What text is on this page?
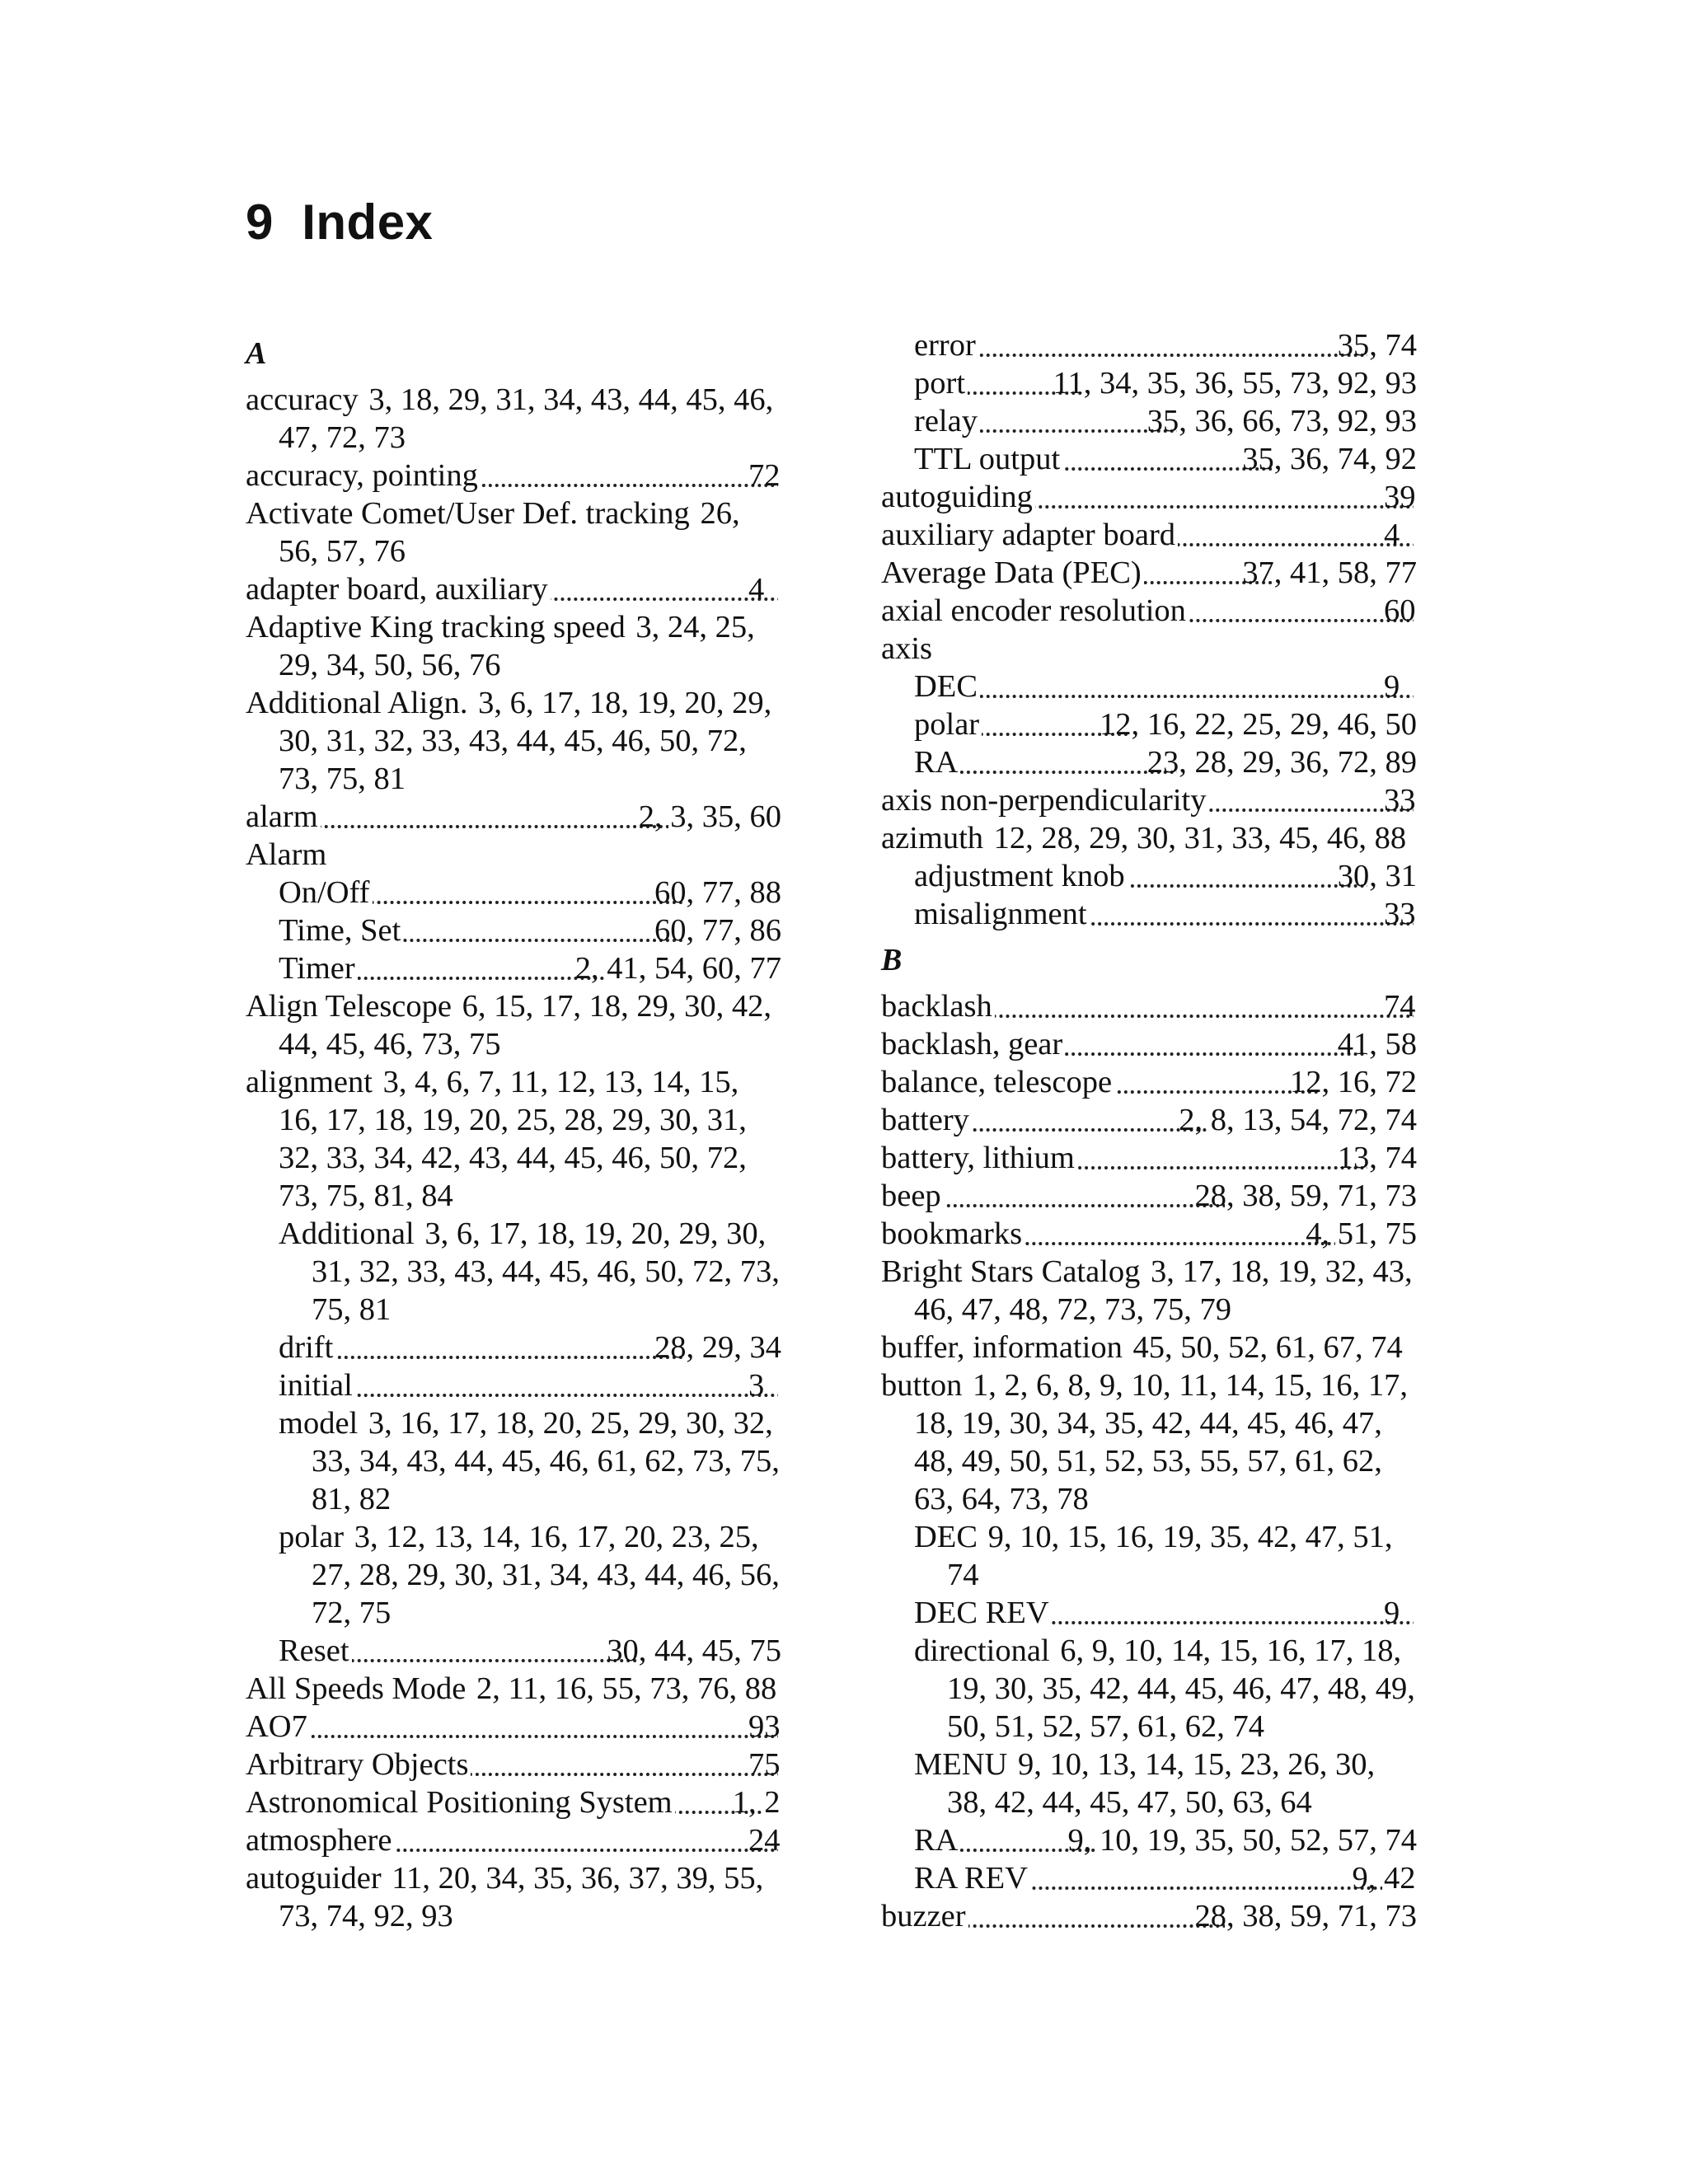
9 Index
A
accuracy 3, 18, 29, 31, 34, 43, 44, 45, 46, 47, 72, 73
72
accuracy, pointing
Activate Comet/User Def. tracking 26, 56, 57, 76
4
adapter board, auxiliary
Adaptive King tracking speed 3, 24, 25, 29, 34, 50, 56, 76
Additional Align. 3, 6, 17, 18, 19, 20, 29, 30, 31, 32, 33, 43, 44, 45, 46, 50, 72, 73, 75, 81
2, 3, 35, 60
alarm
Alarm
60, 77, 88
On/Off
60, 77, 86
Time, Set
2, 41, 54, 60, 77
Timer
Align Telescope 6, 15, 17, 18, 29, 30, 42, 44, 45, 46, 73, 75
alignment 3, 4, 6, 7, 11, 12, 13, 14, 15, 16, 17, 18, 19, 20, 25, 28, 29, 30, 31, 32, 33, 34, 42, 43, 44, 45, 46, 50, 72, 73, 75, 81, 84
Additional 3, 6, 17, 18, 19, 20, 29, 30, 31, 32, 33, 43, 44, 45, 46, 50, 72, 73, 75, 81
28, 29, 34
drift
3
initial
model 3, 16, 17, 18, 20, 25, 29, 30, 32, 33, 34, 43, 44, 45, 46, 61, 62, 73, 75, 81, 82
polar 3, 12, 13, 14, 16, 17, 20, 23, 25, 27, 28, 29, 30, 31, 34, 43, 44, 46, 56, 72, 75
30, 44, 45, 75
Reset
All Speeds Mode 2, 11, 16, 55, 73, 76, 88
93
AO7
75
Arbitrary Objects
1, 2
Astronomical Positioning System
24
atmosphere
autoguider 11, 20, 34, 35, 36, 37, 39, 55, 73, 74, 92, 93
35, 74
error
11, 34, 35, 36, 55, 73, 92, 93
port
35, 36, 66, 73, 92, 93
relay
35, 36, 74, 92
TTL output
39
autoguiding
4
auxiliary adapter board
37, 41, 58, 77
Average Data (PEC)
60
axial encoder resolution
axis
9
DEC
12, 16, 22, 25, 29, 46, 50
polar
23, 28, 29, 36, 72, 89
RA
33
axis non-perpendicularity
azimuth 12, 28, 29, 30, 31, 33, 45, 46, 88
30, 31
adjustment knob
33
misalignment
B
74
backlash
41, 58
backlash, gear
12, 16, 72
balance, telescope
2, 8, 13, 54, 72, 74
battery
13, 74
battery, lithium
28, 38, 59, 71, 73
beep
4, 51, 75
bookmarks
Bright Stars Catalog 3, 17, 18, 19, 32, 43, 46, 47, 48, 72, 73, 75, 79
buffer, information 45, 50, 52, 61, 67, 74
button 1, 2, 6, 8, 9, 10, 11, 14, 15, 16, 17, 18, 19, 30, 34, 35, 42, 44, 45, 46, 47, 48, 49, 50, 51, 52, 53, 55, 57, 61, 62, 63, 64, 73, 78
DEC 9, 10, 15, 16, 19, 35, 42, 47, 51, 74
9
DEC REV
directional 6, 9, 10, 14, 15, 16, 17, 18, 19, 30, 35, 42, 44, 45, 46, 47, 48, 49, 50, 51, 52, 57, 61, 62, 74
MENU 9, 10, 13, 14, 15, 23, 26, 30, 38, 42, 44, 45, 47, 50, 63, 64
9, 10, 19, 35, 50, 52, 57, 74
RA
9, 42
RA REV
28, 38, 59, 71, 73
buzzer
